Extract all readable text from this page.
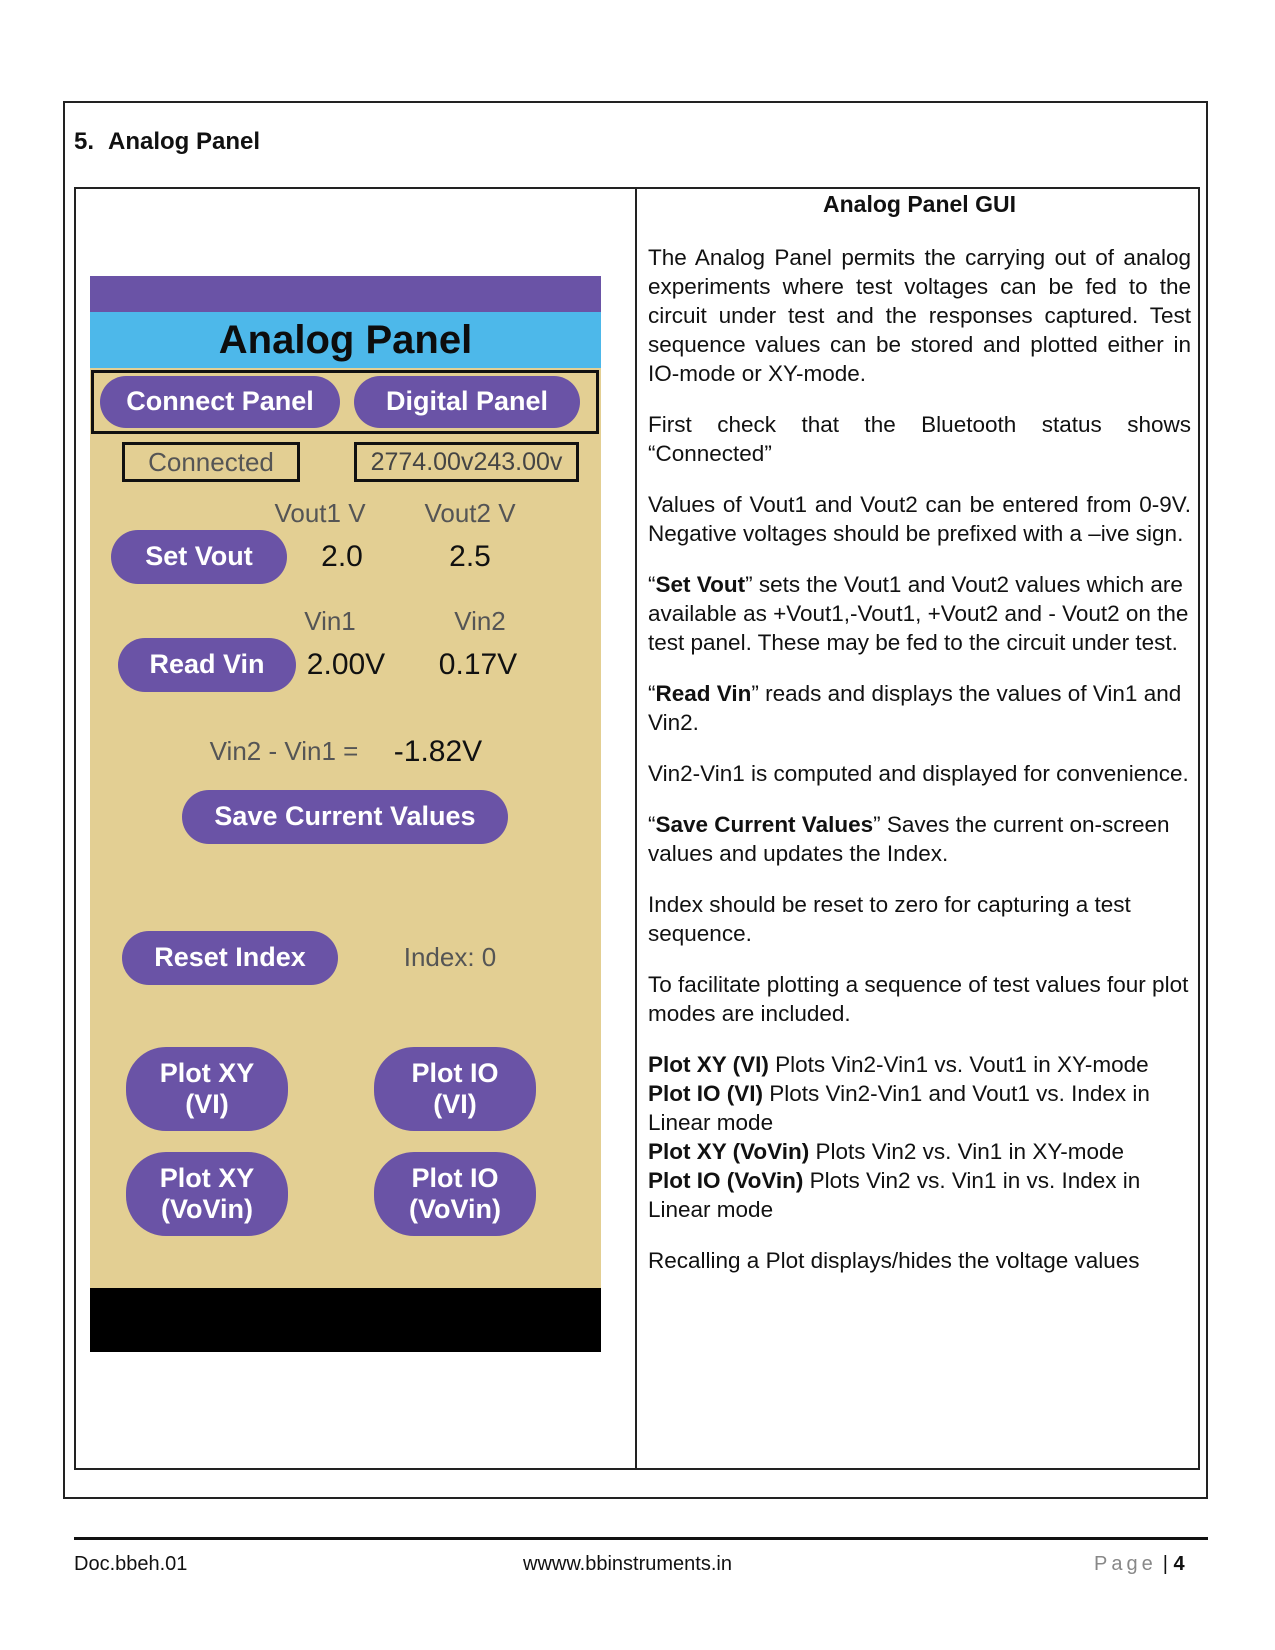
5. Analog Panel
Analog Panel
Connect Panel	Digital Panel
Connected	2774.00v243.00v
Vout1 V	Vout2 V
Set Vout	2.0	2.5
Vin1	Vin2
Read Vin	2.00V 0.17V
Vin2 - Vin1 = -1.82V
Save Current Values
Reset Index	Index: 0
Plot XY
(VI)
Plot IO
(VI)
Plot XY
(VoVin)
Plot IO
(VoVin)
Analog Panel GUI

The Analog Panel permits the carrying out of analog experiments where test voltages can be fed to the circuit under test and the responses captured. Test sequence values can be stored and plotted either in IO-mode or XY-mode.

First check that the Bluetooth status shows “Connected”

Values of Vout1 and Vout2 can be entered from 0-9V. Negative voltages should be prefixed with a –ive sign.

“Set Vout” sets the Vout1 and Vout2 values which are available as +Vout1,-Vout1, +Vout2 and - Vout2 on the test panel. These may be fed to the circuit under test.

“Read Vin” reads and displays the values of Vin1 and Vin2.

Vin2-Vin1 is computed and displayed for convenience.

“Save Current Values” Saves the current on-screen values and updates the Index.

Index should be reset to zero for capturing a test sequence.

To facilitate plotting a sequence of test values four plot modes are included.

Plot XY (VI) Plots Vin2-Vin1 vs. Vout1 in XY-mode

Plot IO (VI) Plots Vin2-Vin1 and Vout1 vs. Index in Linear mode

Plot XY (VoVin) Plots Vin2 vs. Vin1 in XY-mode

Plot IO (VoVin) Plots Vin2 vs. Vin1 in vs. Index in Linear mode

Recalling a Plot displays/hides the voltage values

Doc.bbeh.01	wwww.bbinstruments.in	Page | 4
